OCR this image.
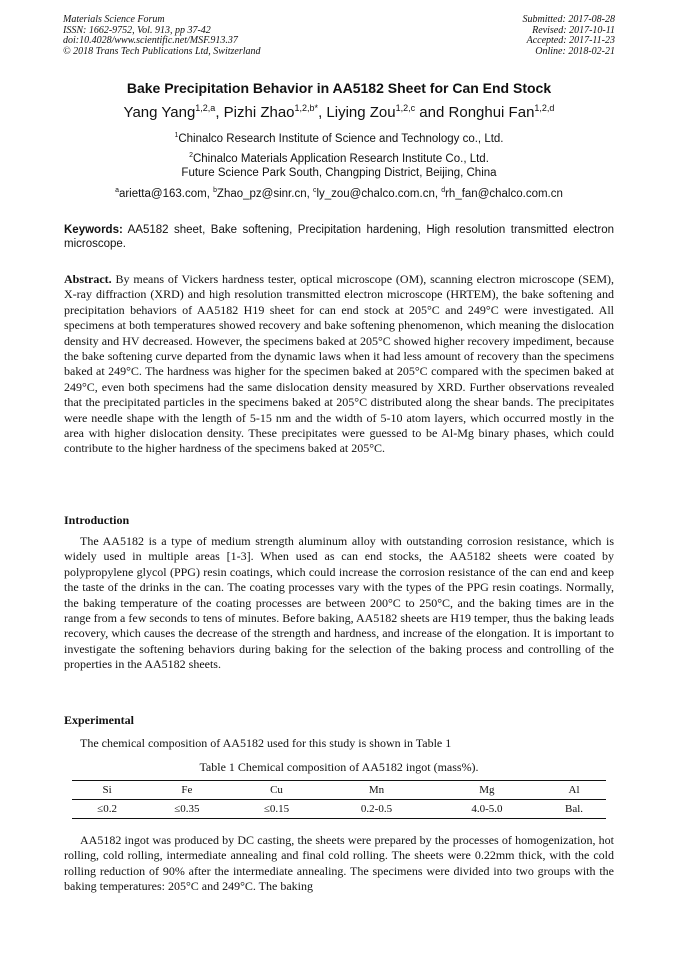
Materials Science Forum
ISSN: 1662-9752, Vol. 913, pp 37-42
doi:10.4028/www.scientific.net/MSF.913.37
© 2018 Trans Tech Publications Ltd, Switzerland
Submitted: 2017-08-28
Revised: 2017-10-11
Accepted: 2017-11-23
Online: 2018-02-21
Bake Precipitation Behavior in AA5182 Sheet for Can End Stock
Yang Yang$^{1,2,a}$, Pizhi Zhao$^{1,2,b*}$, Liying Zou$^{1,2,c}$ and Ronghui Fan$^{1,2,d}$
$^1$Chinalco Research Institute of Science and Technology co., Ltd.
$^2$Chinalco Materials Application Research Institute Co., Ltd.
Future Science Park South, Changping District, Beijing, China
$^a$arietta@163.com, $^b$Zhao_pz@sinr.cn, $^c$ly_zou@chalco.com.cn, $^d$rh_fan@chalco.com.cn
Keywords: AA5182 sheet, Bake softening, Precipitation hardening, High resolution transmitted electron microscope.
Abstract. By means of Vickers hardness tester, optical microscope (OM), scanning electron microscope (SEM), X-ray diffraction (XRD) and high resolution transmitted electron microscope (HRTEM), the bake softening and precipitation behaviors of AA5182 H19 sheet for can end stock at 205°C and 249°C were investigated. All specimens at both temperatures showed recovery and bake softening phenomenon, which meaning the dislocation density and HV decreased. However, the specimens baked at 205°C showed higher recovery impediment, because the bake softening curve departed from the dynamic laws when it had less amount of recovery than the specimens baked at 249°C. The hardness was higher for the specimen baked at 205°C compared with the specimen baked at 249°C, even both specimens had the same dislocation density measured by XRD. Further observations revealed that the precipitated particles in the specimens baked at 205°C distributed along the shear bands. The precipitates were needle shape with the length of 5-15 nm and the width of 5-10 atom layers, which occurred mostly in the area with higher dislocation density. These precipitates were guessed to be Al-Mg binary phases, which could contribute to the higher hardness of the specimens baked at 205°C.
Introduction
The AA5182 is a type of medium strength aluminum alloy with outstanding corrosion resistance, which is widely used in multiple areas [1-3]. When used as can end stocks, the AA5182 sheets were coated by polypropylene glycol (PPG) resin coatings, which could increase the corrosion resistance of the can end and keep the taste of the drinks in the can. The coating processes vary with the types of the PPG resin coatings. Normally, the baking temperature of the coating processes are between 200°C to 250°C, and the baking times are in the range from a few seconds to tens of minutes. Before baking, AA5182 sheets are H19 temper, thus the baking leads recovery, which causes the decrease of the strength and hardness, and increase of the elongation. It is important to investigate the softening behaviors during baking for the selection of the baking process and controlling of the properties in the AA5182 sheets.
Experimental
The chemical composition of AA5182 used for this study is shown in Table 1
Table 1 Chemical composition of AA5182 ingot (mass%).
Si	Fe	Cu	Mn	Mg	Al
≤0.2	≤0.35	≤0.15	0.2-0.5	4.0-5.0	Bal.
AA5182 ingot was produced by DC casting, the sheets were prepared by the processes of homogenization, hot rolling, cold rolling, intermediate annealing and final cold rolling. The sheets were 0.22mm thick, with the cold rolling reduction of 90% after the intermediate annealing. The specimens were divided into two groups with the baking temperatures: 205°C and 249°C. The baking
